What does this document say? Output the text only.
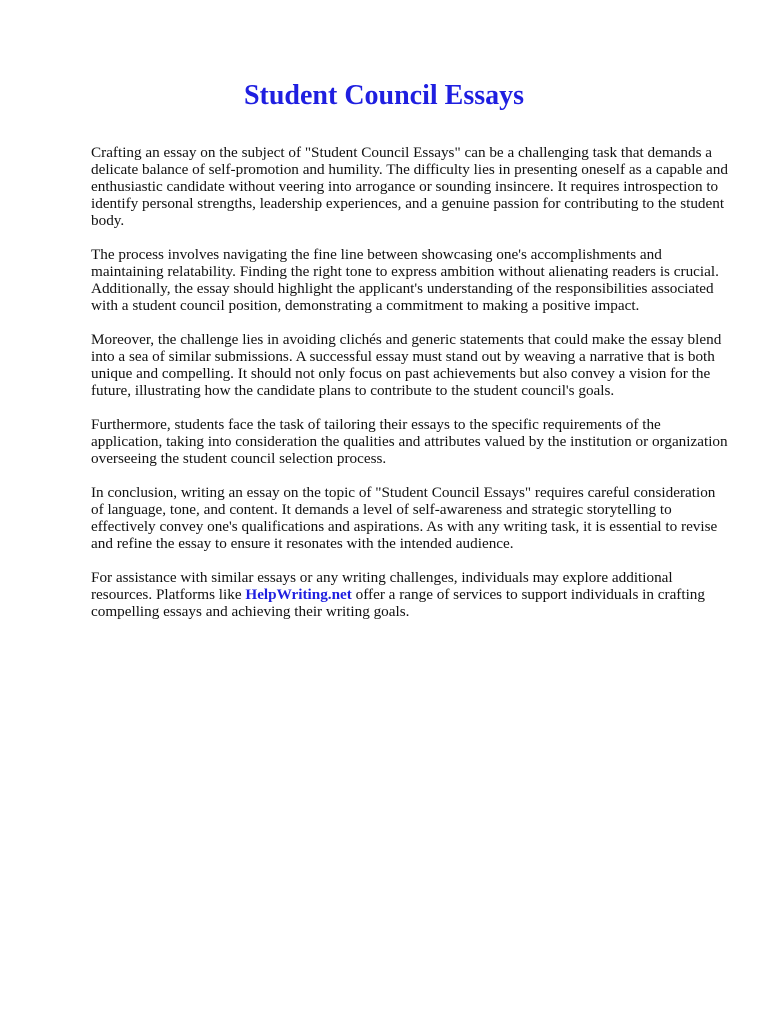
Student Council Essays

Crafting an essay on the subject of "Student Council Essays" can be a challenging task that demands a delicate balance of self-promotion and humility. The difficulty lies in presenting oneself as a capable and enthusiastic candidate without veering into arrogance or sounding insincere. It requires introspection to identify personal strengths, leadership experiences, and a genuine passion for contributing to the student body.

The process involves navigating the fine line between showcasing one's accomplishments and maintaining relatability. Finding the right tone to express ambition without alienating readers is crucial. Additionally, the essay should highlight the applicant's understanding of the responsibilities associated with a student council position, demonstrating a commitment to making a positive impact.

Moreover, the challenge lies in avoiding clichés and generic statements that could make the essay blend into a sea of similar submissions. A successful essay must stand out by weaving a narrative that is both unique and compelling. It should not only focus on past achievements but also convey a vision for the future, illustrating how the candidate plans to contribute to the student council's goals.

Furthermore, students face the task of tailoring their essays to the specific requirements of the application, taking into consideration the qualities and attributes valued by the institution or organization overseeing the student council selection process.

In conclusion, writing an essay on the topic of "Student Council Essays" requires careful consideration of language, tone, and content. It demands a level of self-awareness and strategic storytelling to effectively convey one's qualifications and aspirations. As with any writing task, it is essential to revise and refine the essay to ensure it resonates with the intended audience.

For assistance with similar essays or any writing challenges, individuals may explore additional resources. Platforms like HelpWriting.net offer a range of services to support individuals in crafting compelling essays and achieving their writing goals.
